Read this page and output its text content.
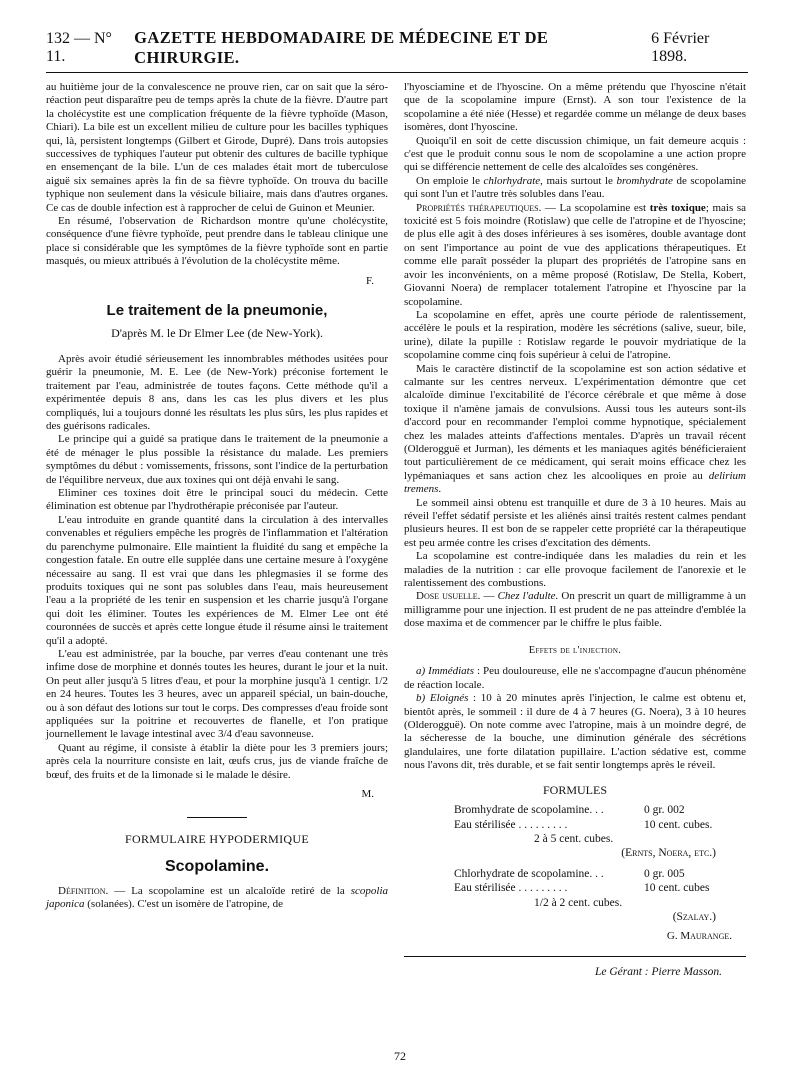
132 — N° 11.
GAZETTE HEBDOMADAIRE DE MÉDECINE ET DE CHIRURGIE.
6 Février 1898.

au huitième jour de la convalescence ne prouve rien, car on sait que la séro-réaction peut disparaître peu de temps après la chute de la fièvre. D'autre part la cholécystite est une complication fréquente de la fièvre typhoïde (Mason, Chiari). La bile est un excellent milieu de culture pour les bacilles typhiques qui, là, persistent longtemps (Gilbert et Girode, Dupré). Dans trois autopsies successives de typhiques l'auteur put obtenir des cultures de bacille typhique en ensemençant de la bile. L'un de ces malades était mort de tuberculose aiguë six semaines après la fin de sa fièvre typhoïde. On trouva du bacille typhique non seulement dans la vésicule biliaire, mais dans d'autres organes. Ce cas de double infection est à rapprocher de celui de Guinon et Meunier.

En résumé, l'observation de Richardson montre qu'une cholécystite, conséquence d'une fièvre typhoïde, peut prendre dans le tableau clinique une place si considérable que les symptômes de la fièvre typhoïde sont en partie masqués, ou mieux attribués à l'évolution de la cholécystite même.

F.
Le traitement de la pneumonie,
D'après M. le Dr Elmer Lee (de New-York).

Après avoir étudié sérieusement les innombrables méthodes usitées pour guérir la pneumonie, M. E. Lee (de New-York) préconise fortement le traitement par l'eau, administrée de toutes façons. Cette méthode qu'il a expérimentée depuis 8 ans, dans les cas les plus divers et les plus compliqués, lui a toujours donné les résultats les plus sûrs, les plus rapides et des guérisons radicales.

Le principe qui a guidé sa pratique dans le traitement de la pneumonie a été de ménager le plus possible la résistance du malade. Les premiers symptômes du début : vomissements, frissons, sont l'indice de la perturbation de l'équilibre nerveux, due aux toxines qui ont déjà envahi le sang.

Eliminer ces toxines doit être le principal souci du médecin. Cette élimination est obtenue par l'hydrothérapie préconisée par l'auteur.

L'eau introduite en grande quantité dans la circulation à des intervalles convenables et réguliers empêche les progrès de l'inflammation et l'altération du parenchyme pulmonaire. Elle maintient la fluidité du sang et empêche la congestion fatale. En outre elle supplée dans une certaine mesure à l'oxygène nécessaire au sang. Il est vrai que dans les phlegmasies il se forme des produits toxiques qui ne sont pas solubles dans l'eau, mais heureusement l'eau a la propriété de les tenir en suspension et les charrie jusqu'à l'organe qui doit les éliminer. Toutes les expériences de M. Elmer Lee ont été couronnées de succès et après cette longue étude il résume ainsi le traitement qu'il a adopté.

L'eau est administrée, par la bouche, par verres d'eau contenant une très infime dose de morphine et donnés toutes les heures, durant le jour et la nuit. On peut aller jusqu'à 5 litres d'eau, et pour la morphine jusqu'à 1 centigr. 1/2 en 24 heures. Toutes les 3 heures, avec un appareil spécial, un bain-douche, ou à son défaut des lotions sur tout le corps. Des compresses d'eau froide sont appliquées sur la poitrine et recouvertes de flanelle, et l'on pratique journellement le lavage intestinal avec 3/4 d'eau savonneuse.

Quant au régime, il consiste à établir la diète pour les 3 premiers jours; après cela la nourriture consiste en lait, œufs crus, jus de viande fraîche de bœuf, des fruits et de la limonade si le malade le désire.

M.
FORMULAIRE HYPODERMIQUE
Scopolamine.

Définition. — La scopolamine est un alcaloïde retiré de la scopolia japonica (solanées). C'est un isomère de l'atropine, de

l'hyosciamine et de l'hyoscine. On a même prétendu que l'hyoscine n'était que de la scopolamine impure (Ernst). A son tour l'existence de la scopolamine a été niée (Hesse) et regardée comme un mélange de deux bases isomères, dont l'hyoscine.

Quoiqu'il en soit de cette discussion chimique, un fait demeure acquis : c'est que le produit connu sous le nom de scopolamine a une action propre qui se différencie nettement de celle des alcaloïdes ses congénères.

On emploie le chlorhydrate, mais surtout le bromhydrate de scopolamine qui sont l'un et l'autre très solubles dans l'eau.

Propriétés thérapeutiques. — La scopolamine est très toxique; mais sa toxicité est 5 fois moindre (Rotislaw) que celle de l'atropine et de l'hyoscine; de plus elle agit à des doses inférieures à ses isomères, double avantage dont on sent l'importance au point de vue des applications thérapeutiques. Et comme elle paraît posséder la plupart des propriétés de l'atropine sans en avoir les inconvénients, on a même proposé (Rotislaw, De Stella, Kobert, Giovanni Noera) de remplacer totalement l'atropine et l'hyoscine par la scopolamine.

La scopolamine en effet, après une courte période de ralentissement, accélère le pouls et la respiration, modère les sécrétions (salive, sueur, bile, urine), dilate la pupille : Rotislaw regarde le pouvoir mydriatique de la scopolamine comme cinq fois supérieur à celui de l'atropine.

Mais le caractère distinctif de la scopolamine est son action sédative et calmante sur les centres nerveux. L'expérimentation démontre que cet alcaloïde diminue l'excitabilité de l'écorce cérébrale et que même à dose toxique il n'amène jamais de convulsions. Aussi tous les auteurs sont-ils d'accord pour en recommander l'emploi comme hypnotique, spécialement chez les malades atteints d'affections mentales. D'après un travail récent (Olderogguë et Jurman), les déments et les maniaques agités bénéficieraient tout particulièrement de ce médicament, qui serait moins efficace chez les lypémaniaques et sans action chez les alcooliques en proie au delirium tremens.

Le sommeil ainsi obtenu est tranquille et dure de 3 à 10 heures. Mais au réveil l'effet sédatif persiste et les aliénés ainsi traités restent calmes pendant plusieurs heures. Il est bon de se rappeler cette propriété car la thérapeutique est peu armée contre les crises d'excitation des déments.

La scopolamine est contre-indiquée dans les maladies du rein et les maladies de la nutrition : car elle provoque facilement de l'anorexie et le ralentissement des combustions.

Dose usuelle. — Chez l'adulte. On prescrit un quart de milligramme à un milligramme pour une injection. Il est prudent de ne pas atteindre d'emblée la dose maxima et de commencer par le chiffre le plus faible.

Effets de l'injection.

a) Immédiats : Peu douloureuse, elle ne s'accompagne d'aucun phénomène de réaction locale.

b) Eloignés : 10 à 20 minutes après l'injection, le calme est obtenu et, bientôt après, le sommeil : il dure de 4 à 7 heures (G. Noera), 3 à 10 heures (Olderogguë). On note comme avec l'atropine, mais à un moindre degré, de la sécheresse de la bouche, une diminution générale des sécrétions glandulaires, une forte dilatation pupillaire. L'action sédative est, comme nous l'avons dit, très durable, et se fait sentir longtemps après le réveil.

FORMULES
Bromhydrate de scopolamine. . .	0 gr. 002
Eau stérilisée . . . . . . . . .	10 cent. cubes.
2 à 5 cent. cubes.
(Ernts, Noera, etc.)
Chlorhydrate de scopolamine. . .	0 gr. 005
Eau stérilisée . . . . . . . . .	10 cent. cubes
1/2 à 2 cent. cubes.
(Szalay.)
G. Maurange.
Le Gérant : Pierre Masson.
72
